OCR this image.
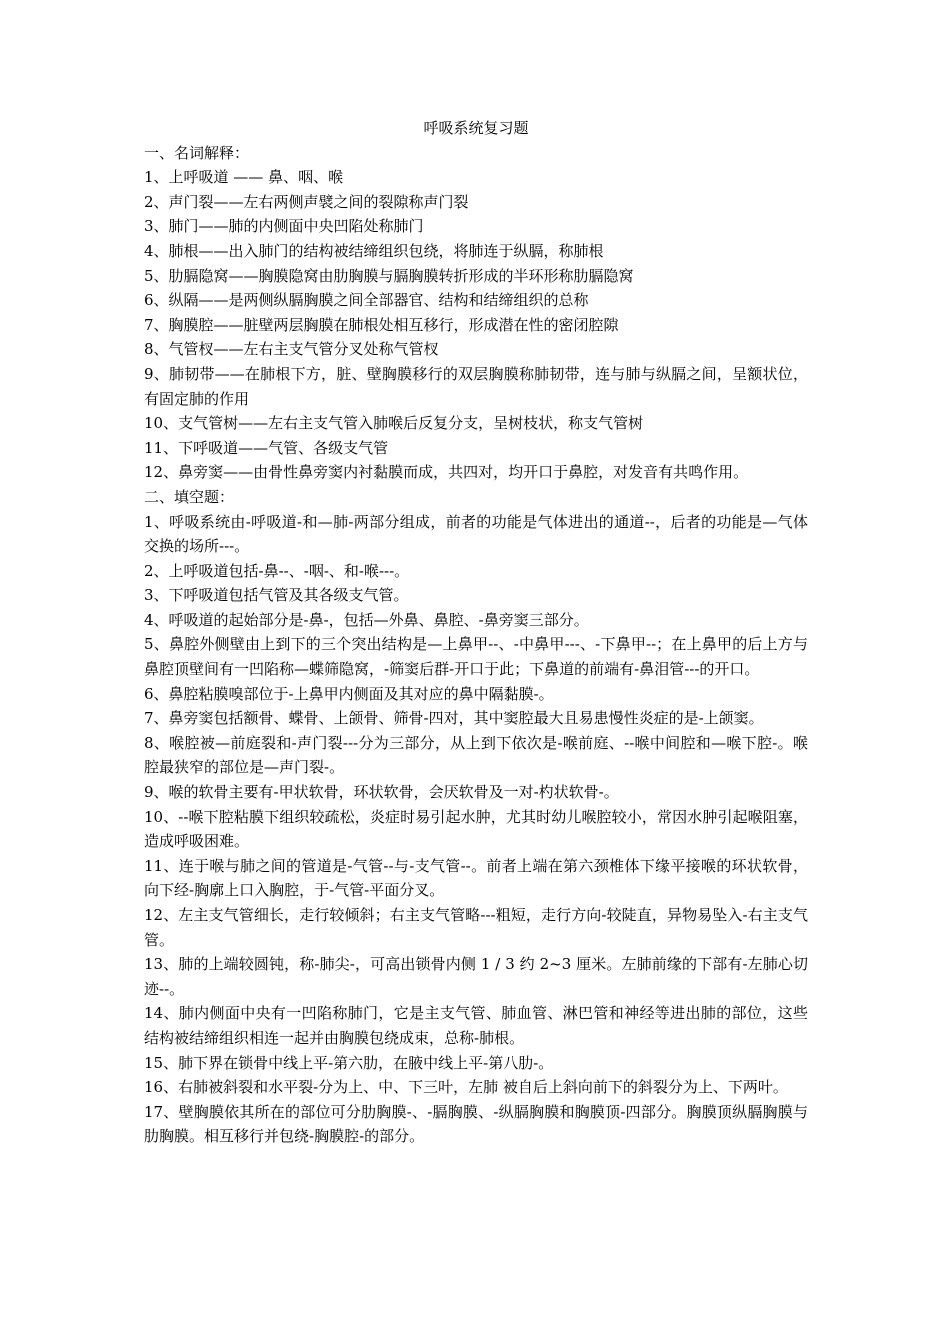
呼吸系统复习题

一、名词解释：

1、上呼吸道 —— 鼻、咽、喉

2、声门裂——左右两侧声襞之间的裂隙称声门裂

3、肺门——肺的内侧面中央凹陷处称肺门

4、肺根——出入肺门的结构被结缔组织包绕，将肺连于纵膈，称肺根

5、肋膈隐窝——胸膜隐窝由肋胸膜与膈胸膜转折形成的半环形称肋膈隐窝

6、纵隔——是两侧纵膈胸膜之间全部器官、结构和结缔组织的总称

7、胸膜腔——脏壁两层胸膜在肺根处相互移行，形成潜在性的密闭腔隙

8、气管杈——左右主支气管分叉处称气管杈

9、肺韧带——在肺根下方，脏、壁胸膜移行的双层胸膜称肺韧带，连与肺与纵膈之间，呈额状位，有固定肺的作用

10、支气管树——左右主支气管入肺喉后反复分支，呈树枝状，称支气管树

11、下呼吸道——气管、各级支气管

12、鼻旁窦——由骨性鼻旁窦内衬黏膜而成，共四对，均开口于鼻腔，对发音有共鸣作用。

二、填空题：

1、呼吸系统由-呼吸道-和—肺-两部分组成，前者的功能是气体进出的通道--，后者的功能是—气体交换的场所---。

2、上呼吸道包括-鼻--、-咽-、和-喉---。

3、下呼吸道包括气管及其各级支气管。

4、呼吸道的起始部分是-鼻-，包括—外鼻、鼻腔、-鼻旁窦三部分。

5、鼻腔外侧壁由上到下的三个突出结构是—上鼻甲--、-中鼻甲---、-下鼻甲--；在上鼻甲的后上方与鼻腔顶壁间有一凹陷称—蝶筛隐窝，-筛窦后群-开口于此；下鼻道的前端有-鼻泪管---的开口。

6、鼻腔粘膜嗅部位于-上鼻甲内侧面及其对应的鼻中隔黏膜-。

7、鼻旁窦包括额骨、蝶骨、上颌骨、筛骨-四对，其中窦腔最大且易患慢性炎症的是-上颌窦。

8、喉腔被—前庭裂和-声门裂---分为三部分，从上到下依次是-喉前庭、--喉中间腔和—喉下腔-。喉腔最狭窄的部位是—声门裂-。

9、喉的软骨主要有-甲状软骨，环状软骨，会厌软骨及一对-杓状软骨-。

10、--喉下腔粘膜下组织较疏松，炎症时易引起水肿，尤其时幼儿喉腔较小，常因水肿引起喉阻塞，造成呼吸困难。

11、连于喉与肺之间的管道是-气管--与-支气管--。前者上端在第六颈椎体下缘平接喉的环状软骨，向下经-胸廓上口入胸腔，于-气管-平面分叉。

12、左主支气管细长，走行较倾斜；右主支气管略---粗短，走行方向-较陡直，异物易坠入-右主支气管。

13、肺的上端较圆钝，称-肺尖-，可高出锁骨内侧 1 / 3 约 2~3 厘米。左肺前缘的下部有-左肺心切迹--。

14、肺内侧面中央有一凹陷称肺门，它是主支气管、肺血管、淋巴管和神经等进出肺的部位，这些结构被结缔组织相连一起并由胸膜包绕成束，总称-肺根。

15、肺下界在锁骨中线上平-第六肋，在腋中线上平-第八肋-。

16、右肺被斜裂和水平裂-分为上、中、下三叶，左肺 被自后上斜向前下的斜裂分为上、下两叶。

17、壁胸膜依其所在的部位可分肋胸膜-、-膈胸膜、-纵膈胸膜和胸膜顶-四部分。胸膜顶纵膈胸膜与肋胸膜。相互移行并包绕-胸膜腔-的部分。
